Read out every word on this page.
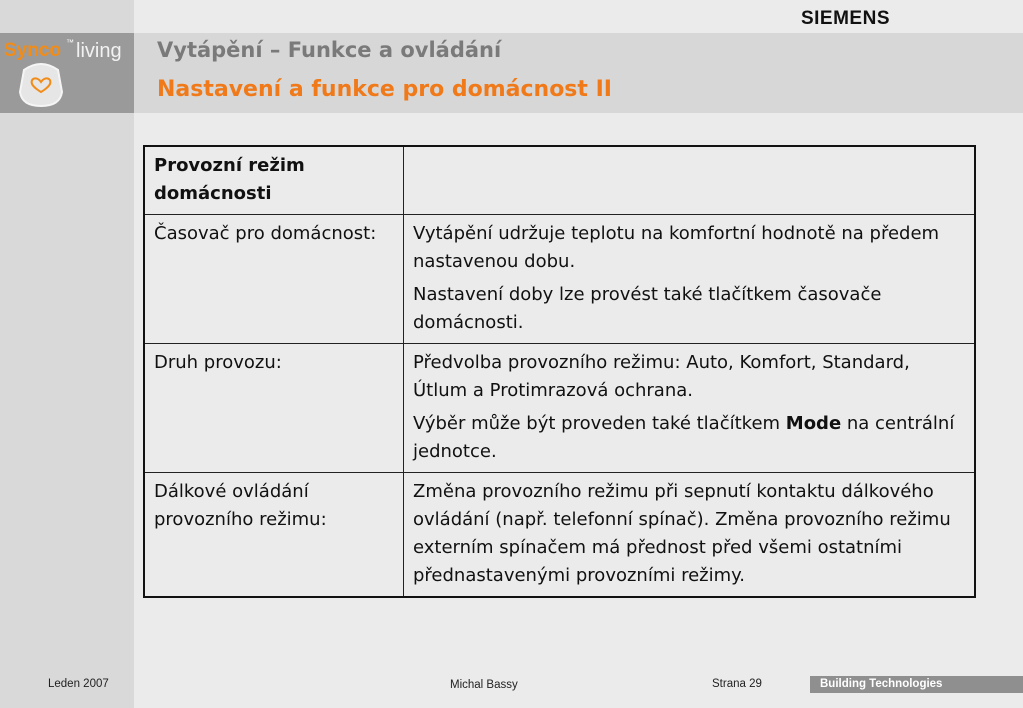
SIEMENS
Synco ™ living Vytápění – Funkce a ovládání
Nastavení a funkce pro domácnost II
Provozní režim domácnosti	
Časovač pro domácnost:	Vytápění udržuje teplotu na komfortní hodnotě na předem nastavenou dobu.

Nastavení doby lze provést také tlačítkem časovače domácnosti.

Druh provozu:	Předvolba provozního režimu: Auto, Komfort, Standard, Útlum a Protimrazová ochrana.

Výběr může být proveden také tlačítkem Mode na centrální jednotce.

Dálkové ovládání provozního režimu:	Změna provozního režimu při sepnutí kontaktu dálkového ovládání (např. telefonní spínač). Změna provozního režimu externím spínačem má přednost před všemi ostatními přednastavenými provozními režimy.
Leden 2007	Michal Bassy	Strana 29	Building Technologies
